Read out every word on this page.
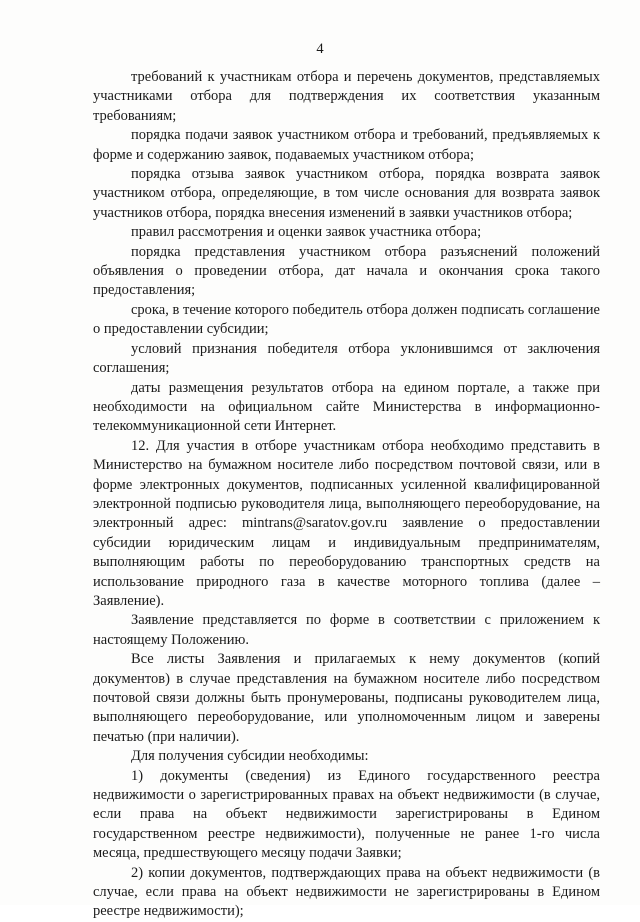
4

требований к участникам отбора и перечень документов, представляемых участниками отбора для подтверждения их соответствия указанным требованиям;

порядка подачи заявок участником отбора и требований, предъявляемых к форме и содержанию заявок, подаваемых участником отбора;

порядка отзыва заявок участником отбора, порядка возврата заявок участником отбора, определяющие, в том числе основания для возврата заявок участников отбора, порядка внесения изменений в заявки участников отбора;

правил рассмотрения и оценки заявок участника отбора;

порядка представления участником отбора разъяснений положений объявления о проведении отбора, дат начала и окончания срока такого предоставления;

срока, в течение которого победитель отбора должен подписать соглашение о предоставлении субсидии;

условий признания победителя отбора уклонившимся от заключения соглашения;

даты размещения результатов отбора на едином портале, а также при необходимости на официальном сайте Министерства в информационно-телекоммуникационной сети Интернет.

12. Для участия в отборе участникам отбора необходимо представить в Министерство на бумажном носителе либо посредством почтовой связи, или в форме электронных документов, подписанных усиленной квалифицированной электронной подписью руководителя лица, выполняющего переоборудование, на электронный адрес: mintrans@saratov.gov.ru заявление о предоставлении субсидии юридическим лицам и индивидуальным предпринимателям, выполняющим работы по переоборудованию транспортных средств на использование природного газа в качестве моторного топлива (далее – Заявление).

Заявление представляется по форме в соответствии с приложением к настоящему Положению.

Все листы Заявления и прилагаемых к нему документов (копий документов) в случае представления на бумажном носителе либо посредством почтовой связи должны быть пронумерованы, подписаны руководителем лица, выполняющего переоборудование, или уполномоченным лицом и заверены печатью (при наличии).

Для получения субсидии необходимы:

1) документы (сведения) из Единого государственного реестра недвижимости о зарегистрированных правах на объект недвижимости (в случае, если права на объект недвижимости зарегистрированы в Едином государственном реестре недвижимости), полученные не ранее 1-го числа месяца, предшествующего месяцу подачи Заявки;

2) копии документов, подтверждающих права на объект недвижимости (в случае, если права на объект недвижимости не зарегистрированы в Едином реестре недвижимости);
